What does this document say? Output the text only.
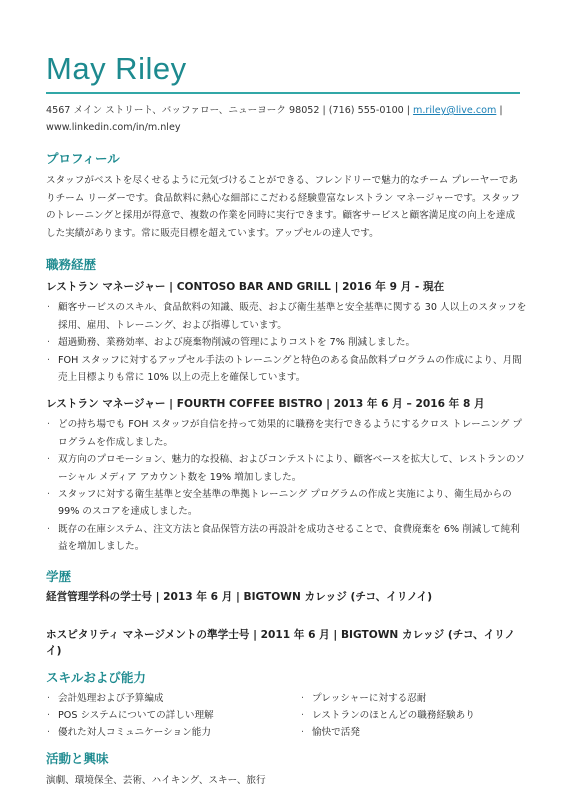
May Riley
4567 メイン ストリート、バッファロー、ニューヨーク 98052 | (716) 555-0100 | m.riley@live.com |
www.linkedin.com/in/m.nley
プロフィール
スタッフがベストを尽くせるように元気づけることができる、フレンドリーで魅力的なチーム プレーヤーでありチーム リーダーです。食品飲料に熱心な細部にこだわる経験豊富なレストラン マネージャーです。スタッフのトレーニングと採用が得意で、複数の作業を同時に実行できます。顧客サービスと顧客満足度の向上を達成した実績があります。常に販売目標を超えています。アップセルの達人です。
職務経歴
レストラン マネージャー | CONTOSO BAR AND GRILL | 2016 年 9 月 - 現在
· 顧客サービスのスキル、食品飲料の知識、販売、および衛生基準と安全基準に関する 30 人以上のスタッフを採用、雇用、トレーニング、および指導しています。
· 超過勤務、業務効率、および廃棄物削減の管理によりコストを 7% 削減しました。
· FOH スタッフに対するアップセル手法のトレーニングと特色のある食品飲料プログラムの作成により、月間売上目標よりも常に 10% 以上の売上を確保しています。
レストラン マネージャー | FOURTH COFFEE BISTRO | 2013 年 6 月 – 2016 年 8 月
· どの持ち場でも FOH スタッフが自信を持って効果的に職務を実行できるようにするクロス トレーニング プログラムを作成しました。
· 双方向のプロモーション、魅力的な投稿、およびコンテストにより、顧客ベースを拡大して、レストランのソーシャル メディア アカウント数を 19% 増加しました。
· スタッフに対する衛生基準と安全基準の準拠トレーニング プログラムの作成と実施により、衛生局からの 99% のスコアを達成しました。
· 既存の在庫システム、注文方法と食品保管方法の再設計を成功させることで、食費廃棄を 6% 削減して純利益を増加しました。
学歴
経営管理学科の学士号 | 2013 年 6 月 | BIGTOWN カレッジ (チコ、イリノイ)
ホスピタリティ マネージメントの準学士号 | 2011 年 6 月 | BIGTOWN カレッジ (チコ、イリノイ)
スキルおよび能力
· 会計処理および予算編成
· POS システムについての詳しい理解
· 優れた対人コミュニケーション能力
· プレッシャーに対する忍耐
· レストランのほとんどの職務経験あり
· 愉快で活発
活動と興味
演劇、環境保全、芸術、ハイキング、スキー、旅行
